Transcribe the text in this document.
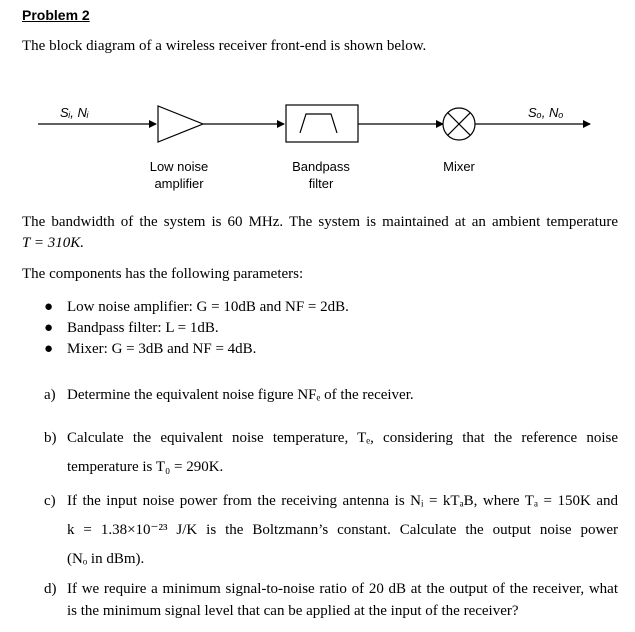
Problem 2
The block diagram of a wireless receiver front-end is shown below.
Sᵢ, Nᵢ	Sₒ, Nₒ
Low noise
amplifier
Bandpass
filter
Mixer
The bandwidth of the system is 60 MHz. The system is maintained at an ambient temperature
T = 310K.
The components has the following parameters:
● Low noise amplifier: G = 10dB and NF = 2dB.
● Bandpass filter: L = 1dB.
● Mixer: G = 3dB and NF = 4dB.
a) Determine the equivalent noise figure NFₑ of the receiver.
b) Calculate the equivalent noise temperature, Tₑ, considering that the reference noise
temperature is T₀ = 290K.
c) If the input noise power from the receiving antenna is Nᵢ = kTₐB, where Tₐ = 150K and
k = 1.38×10⁻²³ J/K is the Boltzmann’s constant. Calculate the output noise power
(Nₒ in dBm).
d) If we require a minimum signal-to-noise ratio of 20 dB at the output of the receiver, what
is the minimum signal level that can be applied at the input of the receiver?
